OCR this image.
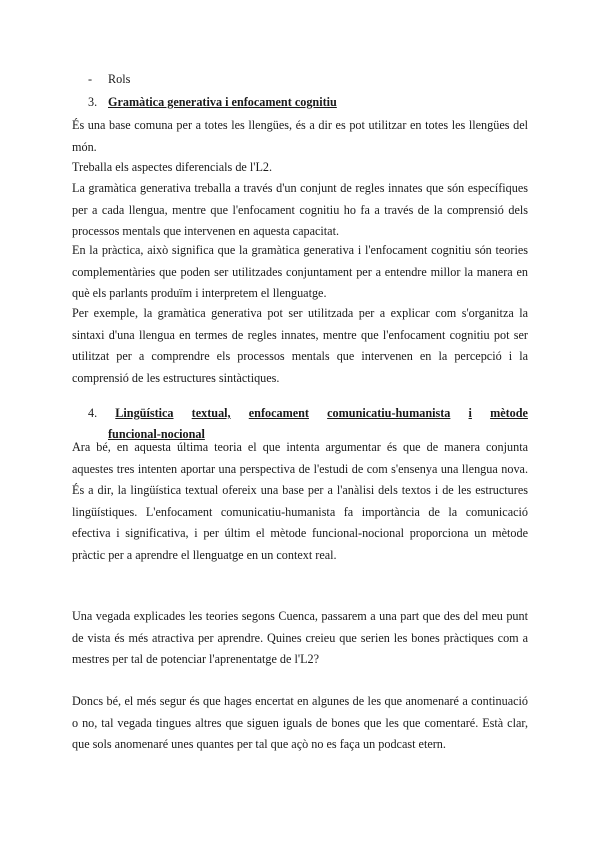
- Rols
3. Gramàtica generativa i enfocament cognitiu

És una base comuna per a totes les llengües, és a dir es pot utilitzar en totes les llengües del món.

Treballa els aspectes diferencials de l'L2.

La gramàtica generativa treballa a través d'un conjunt de regles innates que són específiques per a cada llengua, mentre que l'enfocament cognitiu ho fa a través de la comprensió dels processos mentals que intervenen en aquesta capacitat.

En la pràctica, això significa que la gramàtica generativa i l'enfocament cognitiu són teories complementàries que poden ser utilitzades conjuntament per a entendre millor la manera en què els parlants produïm i interpretem el llenguatge.

Per exemple, la gramàtica generativa pot ser utilitzada per a explicar com s'organitza la sintaxi d'una llengua en termes de regles innates, mentre que l'enfocament cognitiu pot ser utilitzat per a comprendre els processos mentals que intervenen en la percepció i la comprensió de les estructures sintàctiques.

4. Lingüística textual, enfocament comunicatiu-humanista i mètode
funcional-nocional

Ara bé, en aquesta última teoria el que intenta argumentar és que de manera conjunta aquestes tres intenten aportar una perspectiva de l'estudi de com s'ensenya una llengua nova. És a dir, la lingüística textual ofereix una base per a l'anàlisi dels textos i de les estructures lingüístiques. L'enfocament comunicatiu-humanista fa importància de la comunicació efectiva i significativa, i per últim el mètode funcional-nocional proporciona un mètode pràctic per a aprendre el llenguatge en un context real.

Una vegada explicades les teories segons Cuenca, passarem a una part que des del meu punt de vista és més atractiva per aprendre. Quines creieu que serien les bones pràctiques com a mestres per tal de potenciar l'aprenentatge de l'L2?

Doncs bé, el més segur és que hages encertat en algunes de les que anomenaré a continuació o no, tal vegada tingues altres que siguen iguals de bones que les que comentaré. Està clar, que sols anomenaré unes quantes per tal que açò no es faça un podcast etern.
